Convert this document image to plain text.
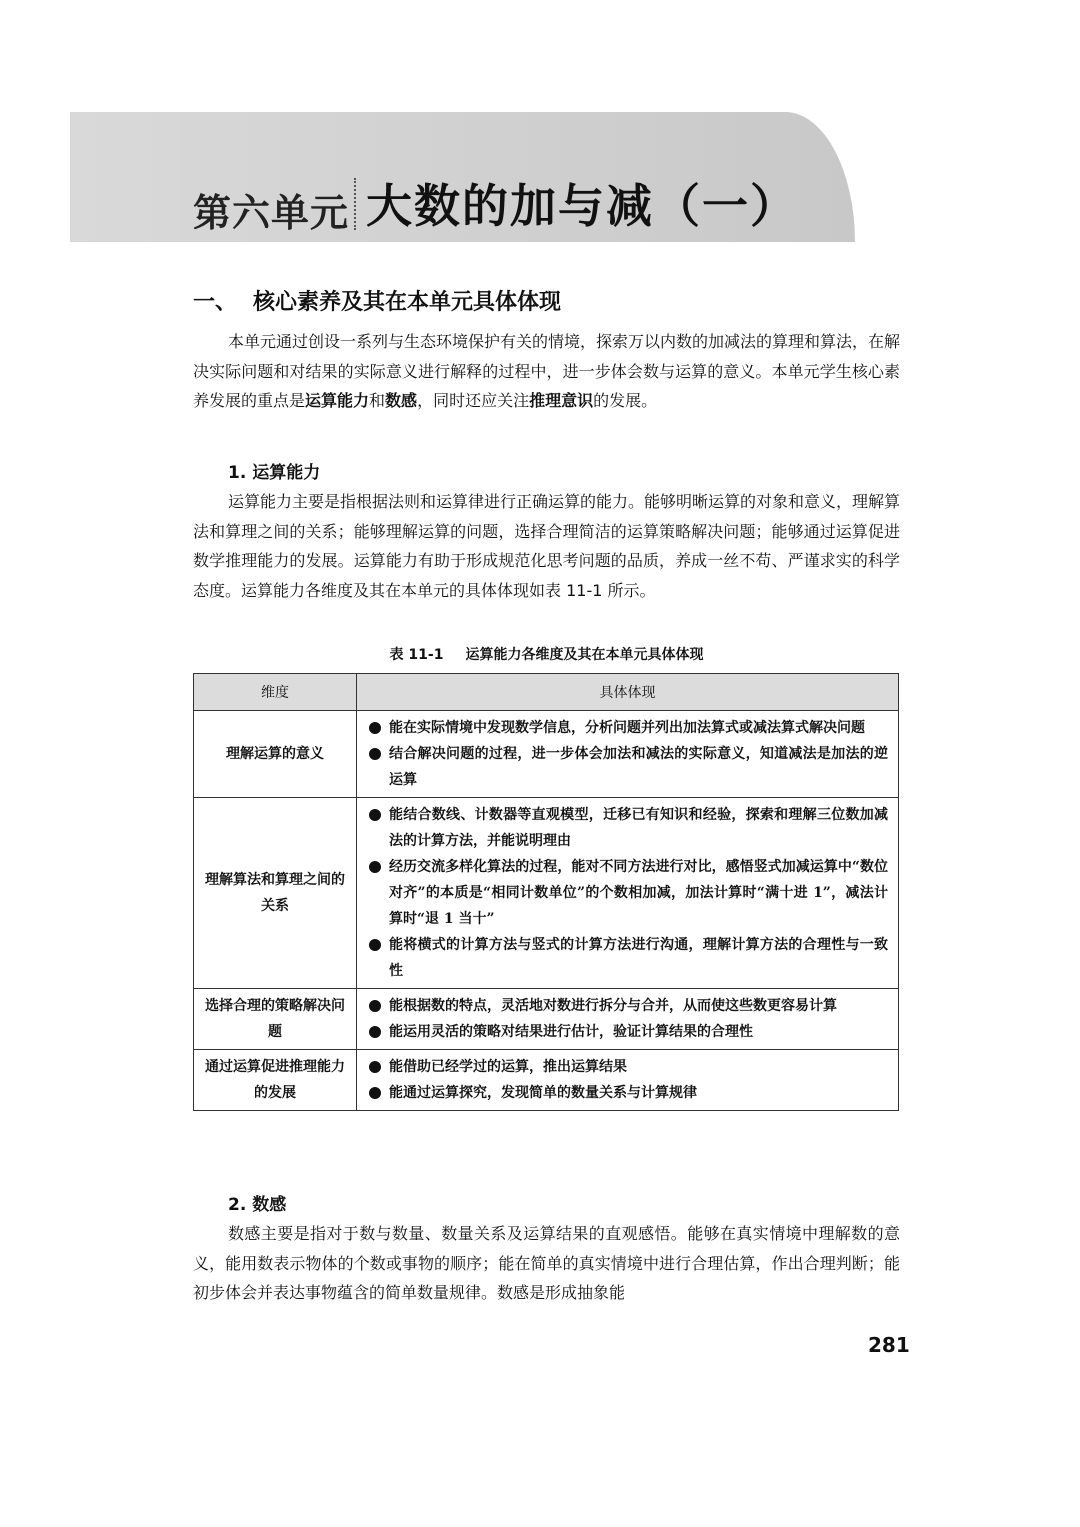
第六单元 大数的加与减（一）
一、 核心素养及其在本单元具体体现
本单元通过创设一系列与生态环境保护有关的情境，探索万以内数的加减法的算理和算法，在解决实际问题和对结果的实际意义进行解释的过程中，进一步体会数与运算的意义。本单元学生核心素养发展的重点是运算能力和数感，同时还应关注推理意识的发展。
1. 运算能力
运算能力主要是指根据法则和运算律进行正确运算的能力。能够明晰运算的对象和意义，理解算法和算理之间的关系；能够理解运算的问题，选择合理简洁的运算策略解决问题；能够通过运算促进数学推理能力的发展。运算能力有助于形成规范化思考问题的品质，养成一丝不苟、严谨求实的科学态度。运算能力各维度及其在本单元的具体体现如表 11-1 所示。
表 11-1 运算能力各维度及其在本单元具体体现
维度	具体体现
理解运算的意义	能在实际情境中发现数学信息，分析问题并列出加法算式或减法算式解决问题
结合解决问题的过程，进一步体会加法和减法的实际意义，知道减法是加法的逆运算

理解算法和算理之间的关系	能结合数线、计数器等直观模型，迁移已有知识和经验，探索和理解三位数加减法的计算方法，并能说明理由
经历交流多样化算法的过程，能对不同方法进行对比，感悟竖式加减运算中“数位对齐”的本质是“相同计数单位”的个数相加减，加法计算时“满十进 1”，减法计算时“退 1 当十”
能将横式的计算方法与竖式的计算方法进行沟通，理解计算方法的合理性与一致性

选择合理的策略解决问题	能根据数的特点，灵活地对数进行拆分与合并，从而使这些数更容易计算
能运用灵活的策略对结果进行估计，验证计算结果的合理性

通过运算促进推理能力的发展	能借助已经学过的运算，推出运算结果
能通过运算探究，发现简单的数量关系与计算规律
2. 数感
数感主要是指对于数与数量、数量关系及运算结果的直观感悟。能够在真实情境中理解数的意义，能用数表示物体的个数或事物的顺序；能在简单的真实情境中进行合理估算，作出合理判断；能初步体会并表达事物蕴含的简单数量规律。数感是形成抽象能
281
